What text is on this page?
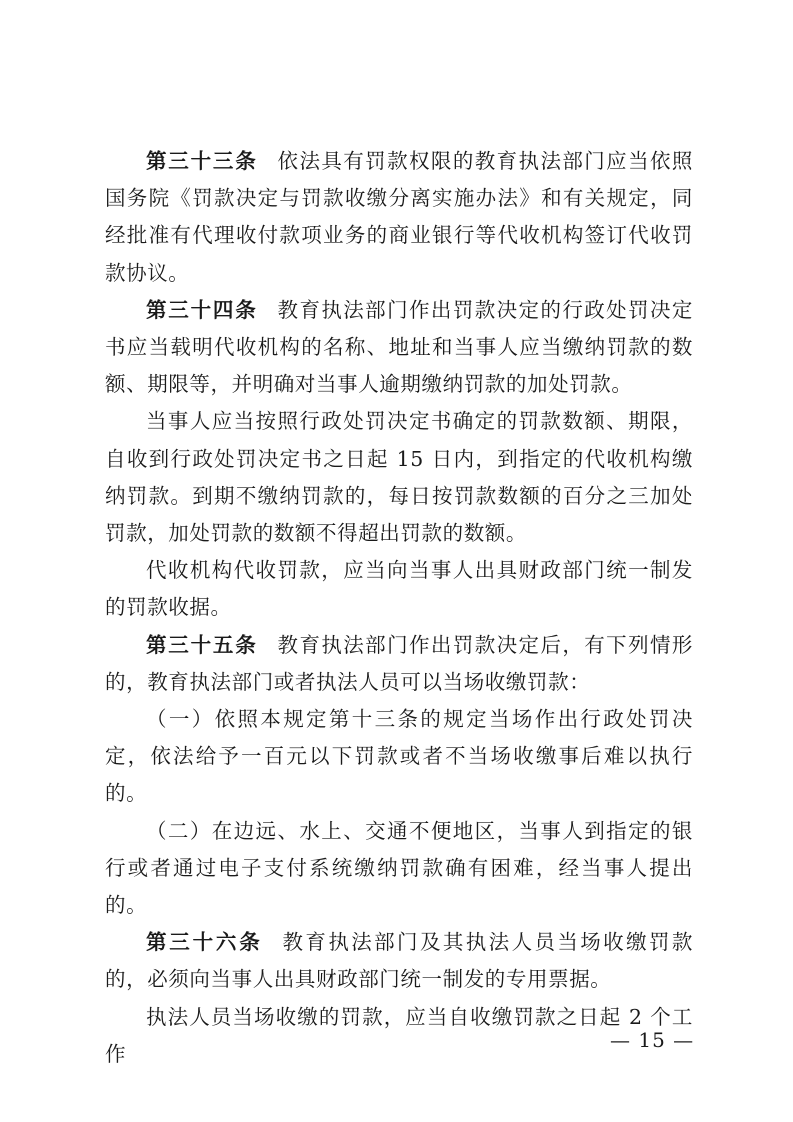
第三十三条 依法具有罚款权限的教育执法部门应当依照国务院《罚款决定与罚款收缴分离实施办法》和有关规定，同经批准有代理收付款项业务的商业银行等代收机构签订代收罚款协议。

第三十四条 教育执法部门作出罚款决定的行政处罚决定书应当载明代收机构的名称、地址和当事人应当缴纳罚款的数额、期限等，并明确对当事人逾期缴纳罚款的加处罚款。

当事人应当按照行政处罚决定书确定的罚款数额、期限，自收到行政处罚决定书之日起 15 日内，到指定的代收机构缴纳罚款。到期不缴纳罚款的，每日按罚款数额的百分之三加处罚款，加处罚款的数额不得超出罚款的数额。

代收机构代收罚款，应当向当事人出具财政部门统一制发的罚款收据。

第三十五条 教育执法部门作出罚款决定后，有下列情形的，教育执法部门或者执法人员可以当场收缴罚款：

（一）依照本规定第十三条的规定当场作出行政处罚决定，依法给予一百元以下罚款或者不当场收缴事后难以执行的。

（二）在边远、水上、交通不便地区，当事人到指定的银行或者通过电子支付系统缴纳罚款确有困难，经当事人提出的。

第三十六条 教育执法部门及其执法人员当场收缴罚款的，必须向当事人出具财政部门统一制发的专用票据。

执法人员当场收缴的罚款，应当自收缴罚款之日起 2 个工作

— 15 —
